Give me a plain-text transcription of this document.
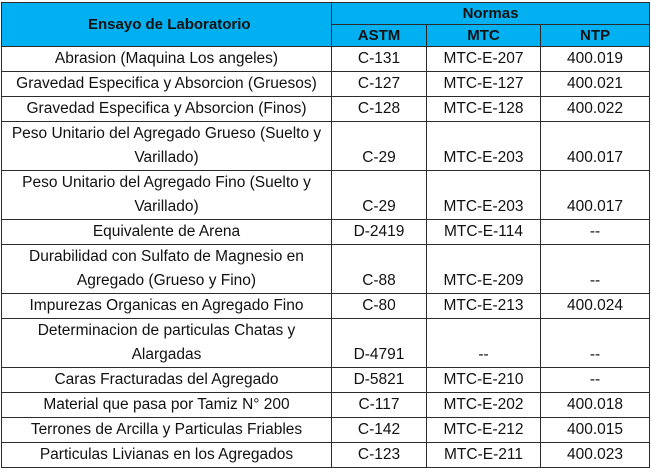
Ensayo de Laboratorio	Normas		
	ASTM	MTC	NTP
Abrasion (Maquina Los angeles)	C-131	MTC-E-207	400.019
Gravedad Especifica y Absorcion (Gruesos)	C-127	MTC-E-127	400.021
Gravedad Especifica y Absorcion (Finos)	C-128	MTC-E-128	400.022
Peso Unitario del Agregado Grueso (Suelto y Varillado)	C-29	MTC-E-203	400.017
Peso Unitario del Agregado Fino (Suelto y Varillado)	C-29	MTC-E-203	400.017
Equivalente de Arena	D-2419	MTC-E-114	--
Durabilidad con Sulfato de Magnesio en Agregado (Grueso y Fino)	C-88	MTC-E-209	--
Impurezas Organicas en Agregado Fino	C-80	MTC-E-213	400.024
Determinacion de particulas Chatas y Alargadas	D-4791	--	--
Caras Fracturadas del Agregado	D-5821	MTC-E-210	--
Material que pasa por Tamiz N° 200	C-117	MTC-E-202	400.018
Terrones de Arcilla y Particulas Friables	C-142	MTC-E-212	400.015
Particulas Livianas en los Agregados	C-123	MTC-E-211	400.023
